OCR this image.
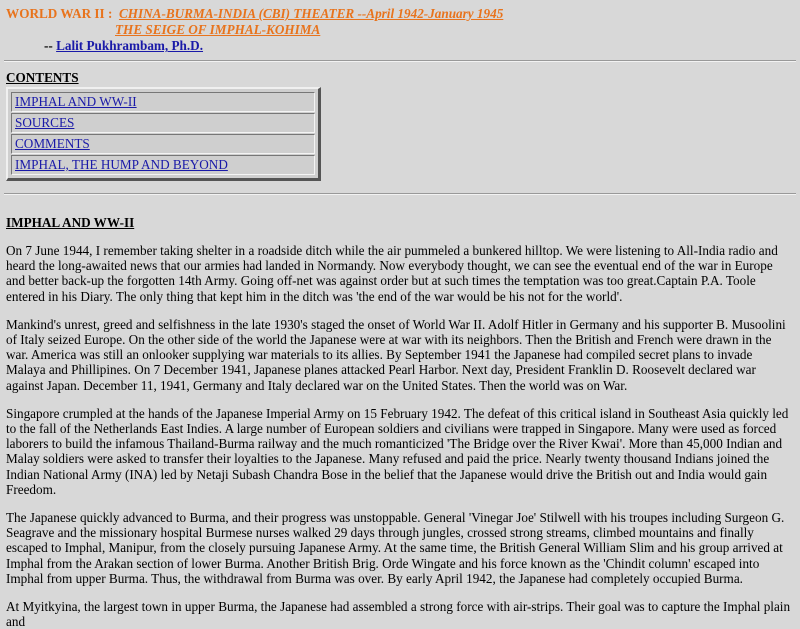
WORLD WAR II : CHINA-BURMA-INDIA (CBI) THEATER --April 1942-January 1945
THE SEIGE OF IMPHAL-KOHIMA
-- Lalit Pukhrambam, Ph.D.
CONTENTS
IMPHAL AND WW-II
SOURCES
COMMENTS
IMPHAL, THE HUMP AND BEYOND
IMPHAL AND WW-II

On 7 June 1944, I remember taking shelter in a roadside ditch while the air pummeled a bunkered hilltop. We were listening to All-India radio and heard the long-awaited news that our armies had landed in Normandy. Now everybody thought, we can see the eventual end of the war in Europe and better back-up the forgotten 14th Army. Going off-net was against order but at such times the temptation was too great.Captain P.A. Toole entered in his Diary. The only thing that kept him in the ditch was 'the end of the war would be his not for the world'.

Mankind's unrest, greed and selfishness in the late 1930's staged the onset of World War II. Adolf Hitler in Germany and his supporter B. Musoolini of Italy seized Europe. On the other side of the world the Japanese were at war with its neighbors. Then the British and French were drawn in the war. America was still an onlooker supplying war materials to its allies. By September 1941 the Japanese had compiled secret plans to invade Malaya and Phillipines. On 7 December 1941, Japanese planes attacked Pearl Harbor. Next day, President Franklin D. Roosevelt declared war against Japan. December 11, 1941, Germany and Italy declared war on the United States. Then the world was on War.

Singapore crumpled at the hands of the Japanese Imperial Army on 15 February 1942. The defeat of this critical island in Southeast Asia quickly led to the fall of the Netherlands East Indies. A large number of European soldiers and civilians were trapped in Singapore. Many were used as forced laborers to build the infamous Thailand-Burma railway and the much romanticized 'The Bridge over the River Kwai'. More than 45,000 Indian and Malay soldiers were asked to transfer their loyalties to the Japanese. Many refused and paid the price. Nearly twenty thousand Indians joined the Indian National Army (INA) led by Netaji Subash Chandra Bose in the belief that the Japanese would drive the British out and India would gain Freedom.

The Japanese quickly advanced to Burma, and their progress was unstoppable. General 'Vinegar Joe' Stilwell with his troupes including Surgeon G. Seagrave and the missionary hospital Burmese nurses walked 29 days through jungles, crossed strong streams, climbed mountains and finally escaped to Imphal, Manipur, from the closely pursuing Japanese Army. At the same time, the British General William Slim and his group arrived at Imphal from the Arakan section of lower Burma. Another British Brig. Orde Wingate and his force known as the 'Chindit column' escaped into Imphal from upper Burma. Thus, the withdrawal from Burma was over. By early April 1942, the Japanese had completely occupied Burma.

At Myitkyina, the largest town in upper Burma, the Japanese had assembled a strong force with air-strips. Their goal was to capture the Imphal plain and
